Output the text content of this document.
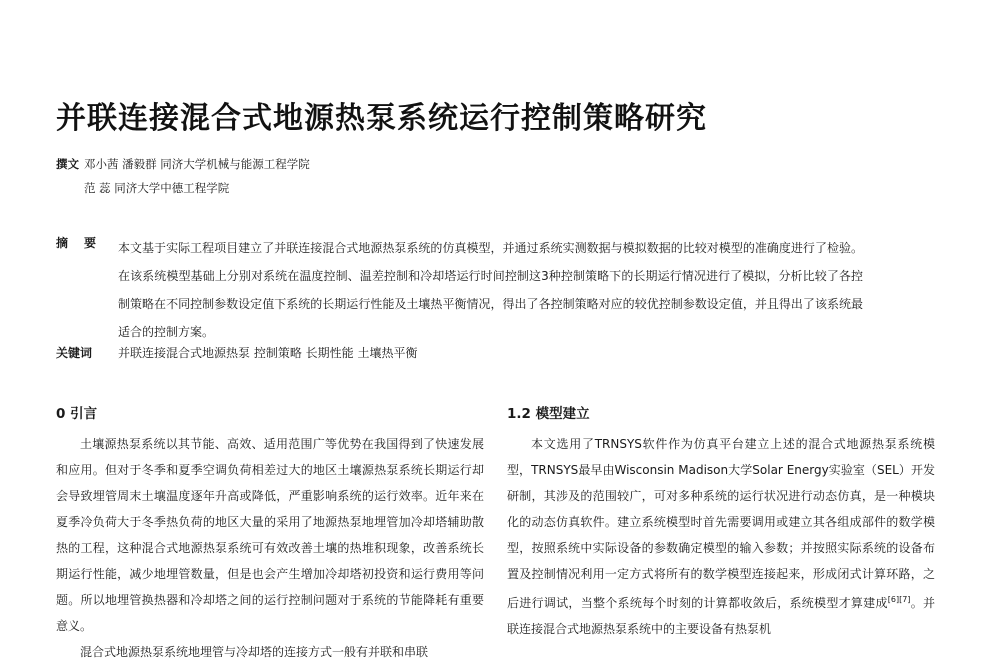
并联连接混合式地源热泵系统运行控制策略研究
撰文 邓小茜 潘毅群 同济大学机械与能源工程学院
范 蕊 同济大学中德工程学院
摘要 本文基于实际工程项目建立了并联连接混合式地源热泵系统的仿真模型，并通过系统实测数据与模拟数据的比较对模型的准确度进行了检验。在该系统模型基础上分别对系统在温度控制、温差控制和冷却塔运行时间控制这3种控制策略下的长期运行情况进行了模拟，分析比较了各控制策略在不同控制参数设定值下系统的长期运行性能及土壤热平衡情况，得出了各控制策略对应的较优控制参数设定值，并且得出了该系统最适合的控制方案。
关键词 并联连接混合式地源热泵 控制策略 长期性能 土壤热平衡
0 引言

土壤源热泵系统以其节能、高效、适用范围广等优势在我国得到了快速发展和应用。但对于冬季和夏季空调负荷相差过大的地区土壤源热泵系统长期运行却会导致埋管周末土壤温度逐年升高或降低，严重影响系统的运行效率。近年来在夏季冷负荷大于冬季热负荷的地区大量的采用了地源热泵地埋管加冷却塔辅助散热的工程，这种混合式地源热泵系统可有效改善土壤的热堆积现象，改善系统长期运行性能，减少地埋管数量，但是也会产生增加冷却塔初投资和运行费用等问题。所以地埋管换热器和冷却塔之间的运行控制问题对于系统的节能降耗有重要意义。

混合式地源热泵系统地埋管与冷却塔的连接方式一般有并联和串联

1.2 模型建立

本文选用了TRNSYS软件作为仿真平台建立上述的混合式地源热泵系统模型，TRNSYS最早由Wisconsin Madison大学Solar Energy实验室（SEL）开发研制，其涉及的范围较广，可对多种系统的运行状况进行动态仿真，是一种模块化的动态仿真软件。建立系统模型时首先需要调用或建立其各组成部件的数学模型，按照系统中实际设备的参数确定模型的输入参数；并按照实际系统的设备布置及控制情况利用一定方式将所有的数学模型连接起来，形成闭式计算环路，之后进行调试，当整个系统每个时刻的计算都收敛后，系统模型才算建成[6][7]。并联连接混合式地源热泵系统中的主要设备有热泵机
